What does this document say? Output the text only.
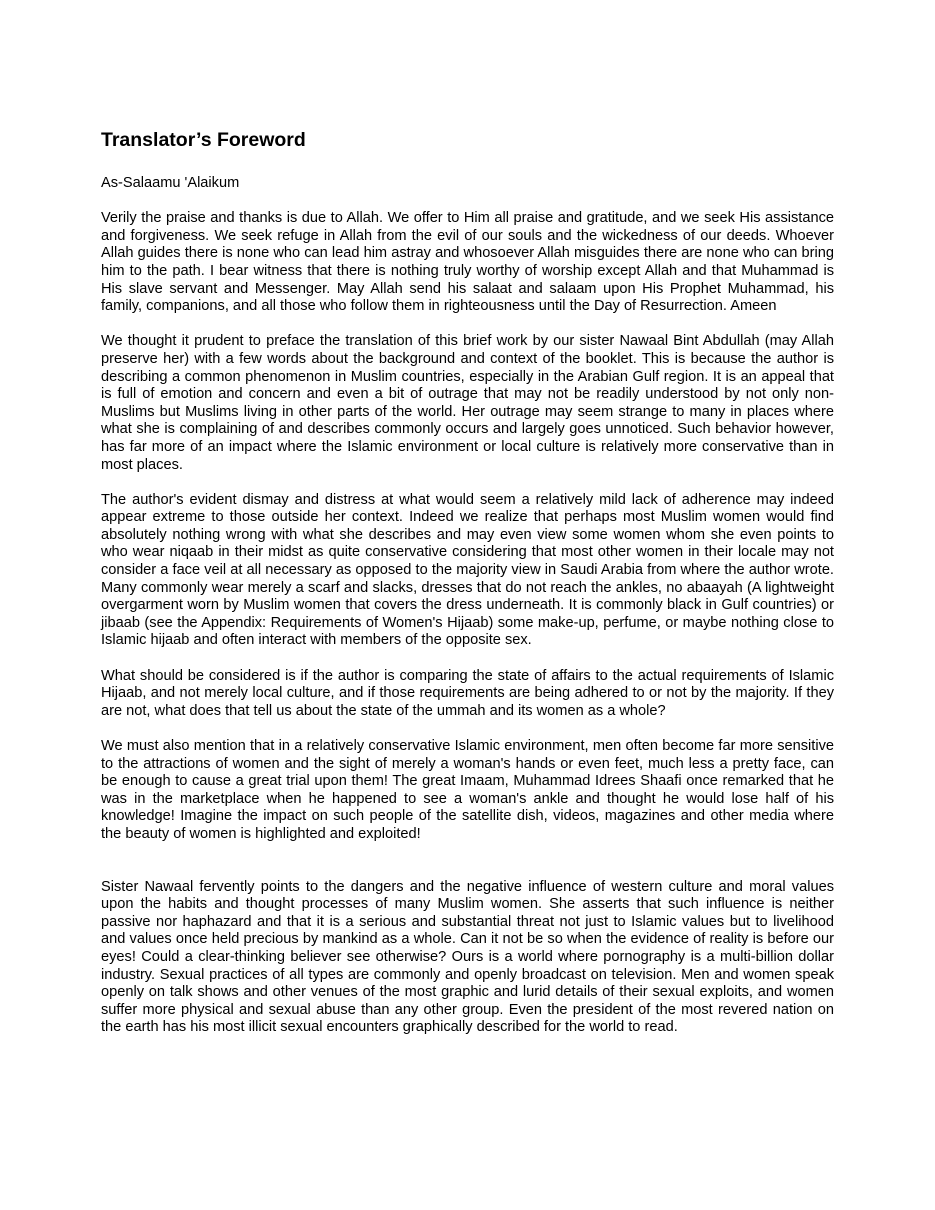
Translator’s Foreword

As-Salaamu 'Alaikum

Verily the praise and thanks is due to Allah. We offer to Him all praise and gratitude, and we seek His assistance and forgiveness. We seek refuge in Allah from the evil of our souls and the wickedness of our deeds. Whoever Allah guides there is none who can lead him astray and whosoever Allah misguides there are none who can bring him to the path. I bear witness that there is nothing truly worthy of worship except Allah and that Muhammad is His slave servant and Messenger. May Allah send his salaat and salaam upon His Prophet Muhammad, his family, companions, and all those who follow them in righteousness until the Day of Resurrection. Ameen

We thought it prudent to preface the translation of this brief work by our sister Nawaal Bint Abdullah (may Allah preserve her) with a few words about the background and context of the booklet. This is because the author is describing a common phenomenon in Muslim countries, especially in the Arabian Gulf region. It is an appeal that is full of emotion and concern and even a bit of outrage that may not be readily understood by not only non-Muslims but Muslims living in other parts of the world. Her outrage may seem strange to many in places where what she is complaining of and describes commonly occurs and largely goes unnoticed. Such behavior however, has far more of an impact where the Islamic environment or local culture is relatively more conservative than in most places.

The author's evident dismay and distress at what would seem a relatively mild lack of adherence may indeed appear extreme to those outside her context. Indeed we realize that perhaps most Muslim women would find absolutely nothing wrong with what she describes and may even view some women whom she even points to who wear niqaab in their midst as quite conservative considering that most other women in their locale may not consider a face veil at all necessary as opposed to the majority view in Saudi Arabia from where the author wrote. Many commonly wear merely a scarf and slacks, dresses that do not reach the ankles, no abaayah (A lightweight overgarment worn by Muslim women that covers the dress underneath. It is commonly black in Gulf countries) or jibaab (see the Appendix: Requirements of Women's Hijaab) some make-up, perfume, or maybe nothing close to Islamic hijaab and often interact with members of the opposite sex.

What should be considered is if the author is comparing the state of affairs to the actual requirements of Islamic Hijaab, and not merely local culture, and if those requirements are being adhered to or not by the majority. If they are not, what does that tell us about the state of the ummah and its women as a whole?

We must also mention that in a relatively conservative Islamic environment, men often become far more sensitive to the attractions of women and the sight of merely a woman's hands or even feet, much less a pretty face, can be enough to cause a great trial upon them! The great Imaam, Muhammad Idrees Shaafi once remarked that he was in the marketplace when he happened to see a woman's ankle and thought he would lose half of his knowledge! Imagine the impact on such people of the satellite dish, videos, magazines and other media where the beauty of women is highlighted and exploited!

Sister Nawaal fervently points to the dangers and the negative influence of western culture and moral values upon the habits and thought processes of many Muslim women. She asserts that such influence is neither passive nor haphazard and that it is a serious and substantial threat not just to Islamic values but to livelihood and values once held precious by mankind as a whole. Can it not be so when the evidence of reality is before our eyes! Could a clear-thinking believer see otherwise? Ours is a world where pornography is a multi-billion dollar industry. Sexual practices of all types are commonly and openly broadcast on television. Men and women speak openly on talk shows and other venues of the most graphic and lurid details of their sexual exploits, and women suffer more physical and sexual abuse than any other group. Even the president of the most revered nation on the earth has his most illicit sexual encounters graphically described for the world to read.
